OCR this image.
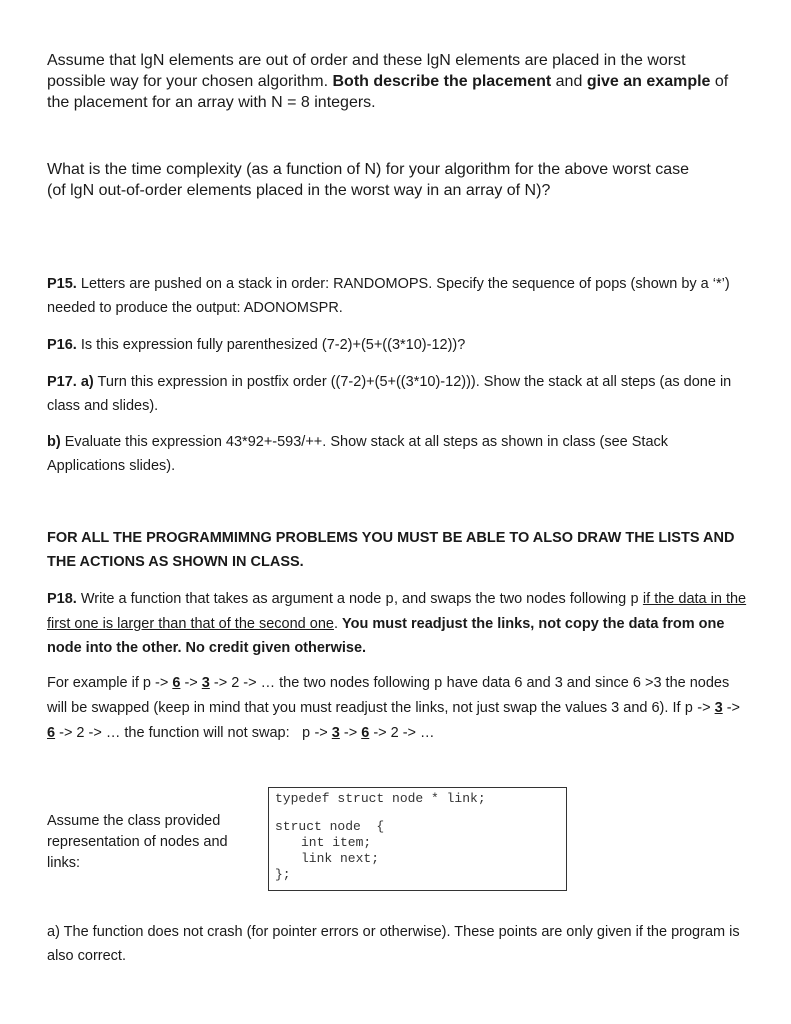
Assume that lgN elements are out of order and these lgN elements are placed in the worst
possible way for your chosen algorithm. Both describe the placement and give an example of
the placement for an array with N = 8 integers.
What is the time complexity (as a function of N) for your algorithm for the above worst case
(of lgN out-of-order elements placed in the worst way in an array of N)?
P15. Letters are pushed on a stack in order: RANDOMOPS. Specify the sequence of pops (shown by a ‘*’) needed to produce the output: ADONOMSPR.
P16. Is this expression fully parenthesized (7-2)+(5+((3*10)-12))?
P17. a) Turn this expression in postfix order ((7-2)+(5+((3*10)-12))). Show the stack at all steps (as done in class and slides).
b) Evaluate this expression 43*92+-593/++. Show stack at all steps as shown in class (see Stack Applications slides).
FOR ALL THE PROGRAMMIMNG PROBLEMS YOU MUST BE ABLE TO ALSO DRAW THE LISTS AND THE ACTIONS AS SHOWN IN CLASS.
P18. Write a function that takes as argument a node p, and swaps the two nodes following p if the data in the first one is larger than that of the second one. You must readjust the links, not copy the data from one node into the other. No credit given otherwise.
For example if p -> 6 -> 3 -> 2 -> … the two nodes following p have data 6 and 3 and since 6 >3 the nodes will be swapped (keep in mind that you must readjust the links, not just swap the values 3 and 6). If p -> 3 -> 6 -> 2 -> … the function will not swap: p -> 3 -> 6 -> 2 -> …
Assume the class provided
representation of nodes and
links:
typedef struct node * link;
struct node  {
int item;
link next;
};
a) The function does not crash (for pointer errors or otherwise). These points are only given if the program is also correct.
